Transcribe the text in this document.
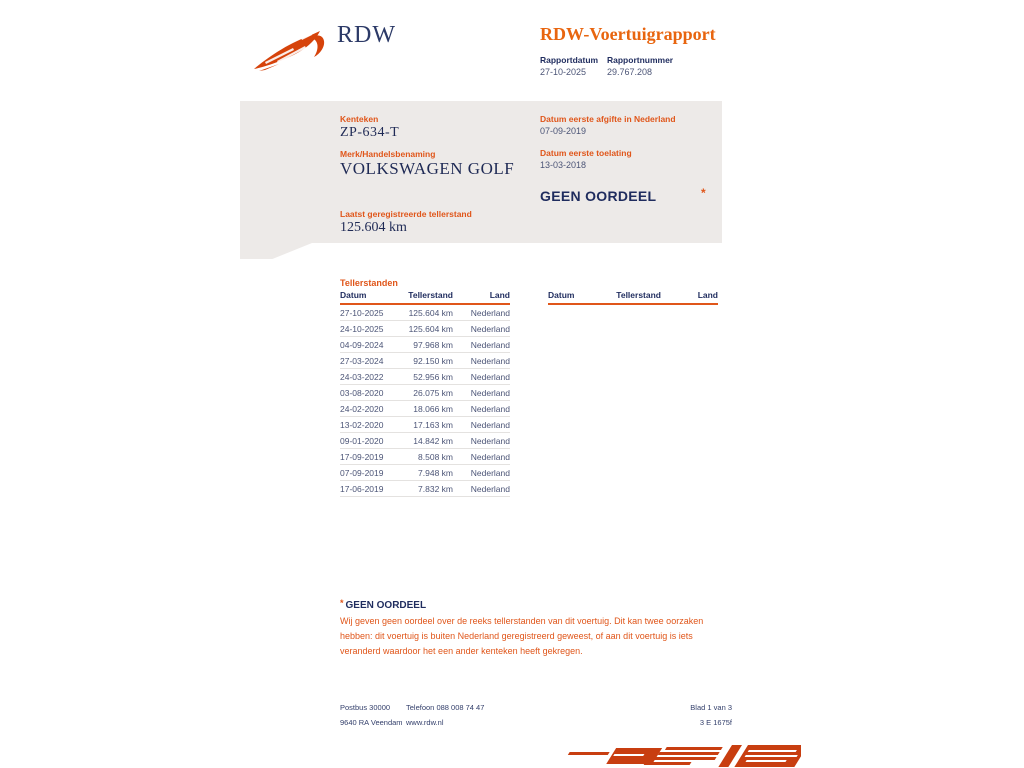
RDW	RDW-Voertuigrapport
Rapportdatum
27-10-2025
Rapportnummer
29.767.208
Kenteken
ZP-634-T
Merk/Handelsbenaming
VOLKSWAGEN GOLF
Laatst geregistreerde tellerstand
125.604 km
Datum eerste afgifte in Nederland
07-09-2019
Datum eerste toelating
13-03-2018
GEEN OORDEEL	*
Tellerstanden
Datum	Tellerstand	Land
27-10-2025	125.604 km	Nederland
24-10-2025	125.604 km	Nederland
04-09-2024	97.968 km	Nederland
27-03-2024	92.150 km	Nederland
24-03-2022	52.956 km	Nederland
03-08-2020	26.075 km	Nederland
24-02-2020	18.066 km	Nederland
13-02-2020	17.163 km	Nederland
09-01-2020	14.842 km	Nederland
17-09-2019	8.508 km	Nederland
07-09-2019	7.948 km	Nederland
17-06-2019	7.832 km	Nederland
Datum	Tellerstand	Land
* GEEN OORDEEL

Wij geven geen oordeel over de reeks tellerstanden van dit voertuig. Dit kan twee oorzaken hebben: dit voertuig is buiten Nederland geregistreerd geweest, of aan dit voertuig is iets veranderd waardoor het een ander kenteken heeft gekregen.

Postbus 30000
9640 RA Veendam
Telefoon 088 008 74 47
www.rdw.nl
Blad 1 van 3
3 E 1675f
